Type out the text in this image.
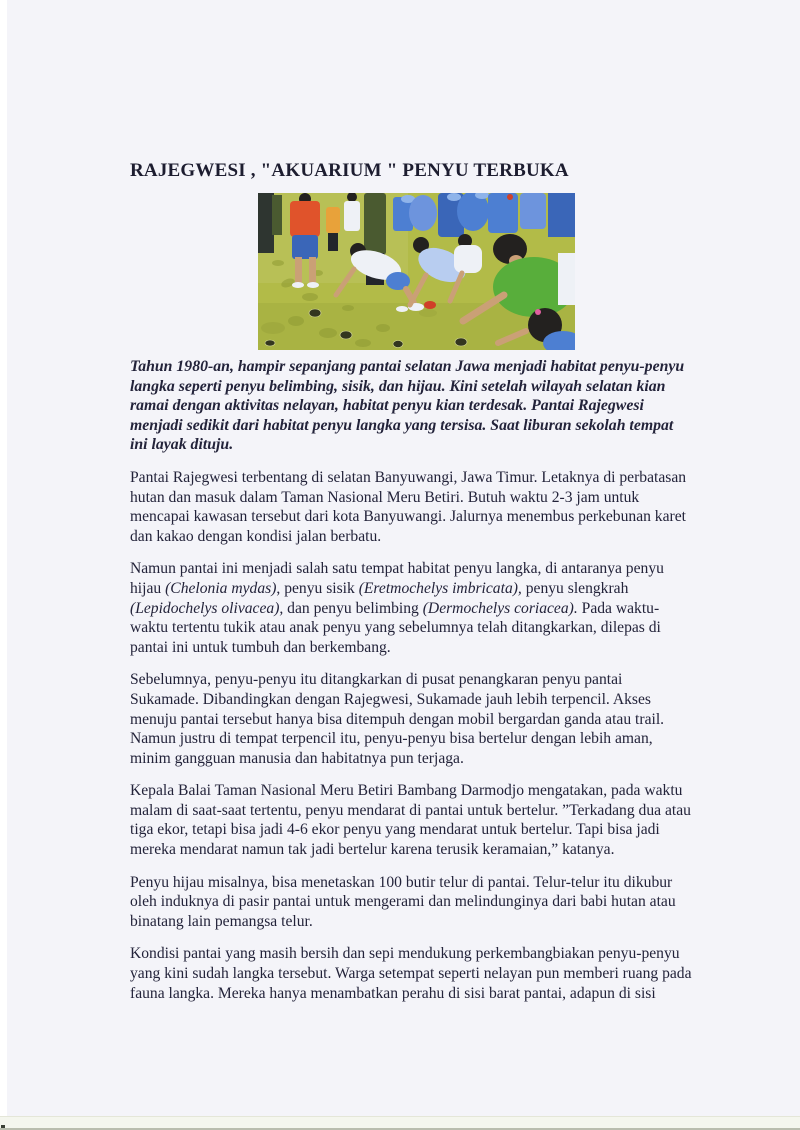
RAJEGWESI , "AKUARIUM " PENYU TERBUKA

Tahun 1980-an, hampir sepanjang pantai selatan Jawa menjadi habitat penyu-penyu langka seperti penyu belimbing, sisik, dan hijau. Kini setelah wilayah selatan kian ramai dengan aktivitas nelayan, habitat penyu kian terdesak. Pantai Rajegwesi menjadi sedikit dari habitat penyu langka yang tersisa. Saat liburan sekolah tempat ini layak dituju.

Pantai Rajegwesi terbentang di selatan Banyuwangi, Jawa Timur. Letaknya di perbatasan hutan dan masuk dalam Taman Nasional Meru Betiri. Butuh waktu 2-3 jam untuk mencapai kawasan tersebut dari kota Banyuwangi. Jalurnya menembus perkebunan karet dan kakao dengan kondisi jalan berbatu.

Namun pantai ini menjadi salah satu tempat habitat penyu langka, di antaranya penyu hijau (Chelonia mydas), penyu sisik (Eretmochelys imbricata), penyu slengkrah (Lepidochelys olivacea), dan penyu belimbing (Dermochelys coriacea). Pada waktu-waktu tertentu tukik atau anak penyu yang sebelumnya telah ditangkarkan, dilepas di pantai ini untuk tumbuh dan berkembang.

Sebelumnya, penyu-penyu itu ditangkarkan di pusat penangkaran penyu pantai Sukamade. Dibandingkan dengan Rajegwesi, Sukamade jauh lebih terpencil. Akses menuju pantai tersebut hanya bisa ditempuh dengan mobil bergardan ganda atau trail. Namun justru di tempat terpencil itu, penyu-penyu bisa bertelur dengan lebih aman, minim gangguan manusia dan habitatnya pun terjaga.

Kepala Balai Taman Nasional Meru Betiri Bambang Darmodjo mengatakan, pada waktu malam di saat-saat tertentu, penyu mendarat di pantai untuk bertelur. ”Terkadang dua atau tiga ekor, tetapi bisa jadi 4-6 ekor penyu yang mendarat untuk bertelur. Tapi bisa jadi mereka mendarat namun tak jadi bertelur karena terusik keramaian,” katanya.

Penyu hijau misalnya, bisa menetaskan 100 butir telur di pantai. Telur-telur itu dikubur oleh induknya di pasir pantai untuk mengerami dan melindunginya dari babi hutan atau binatang lain pemangsa telur.

Kondisi pantai yang masih bersih dan sepi mendukung perkembangbiakan penyu-penyu yang kini sudah langka tersebut. Warga setempat seperti nelayan pun memberi ruang pada fauna langka. Mereka hanya menambatkan perahu di sisi barat pantai, adapun di sisi
